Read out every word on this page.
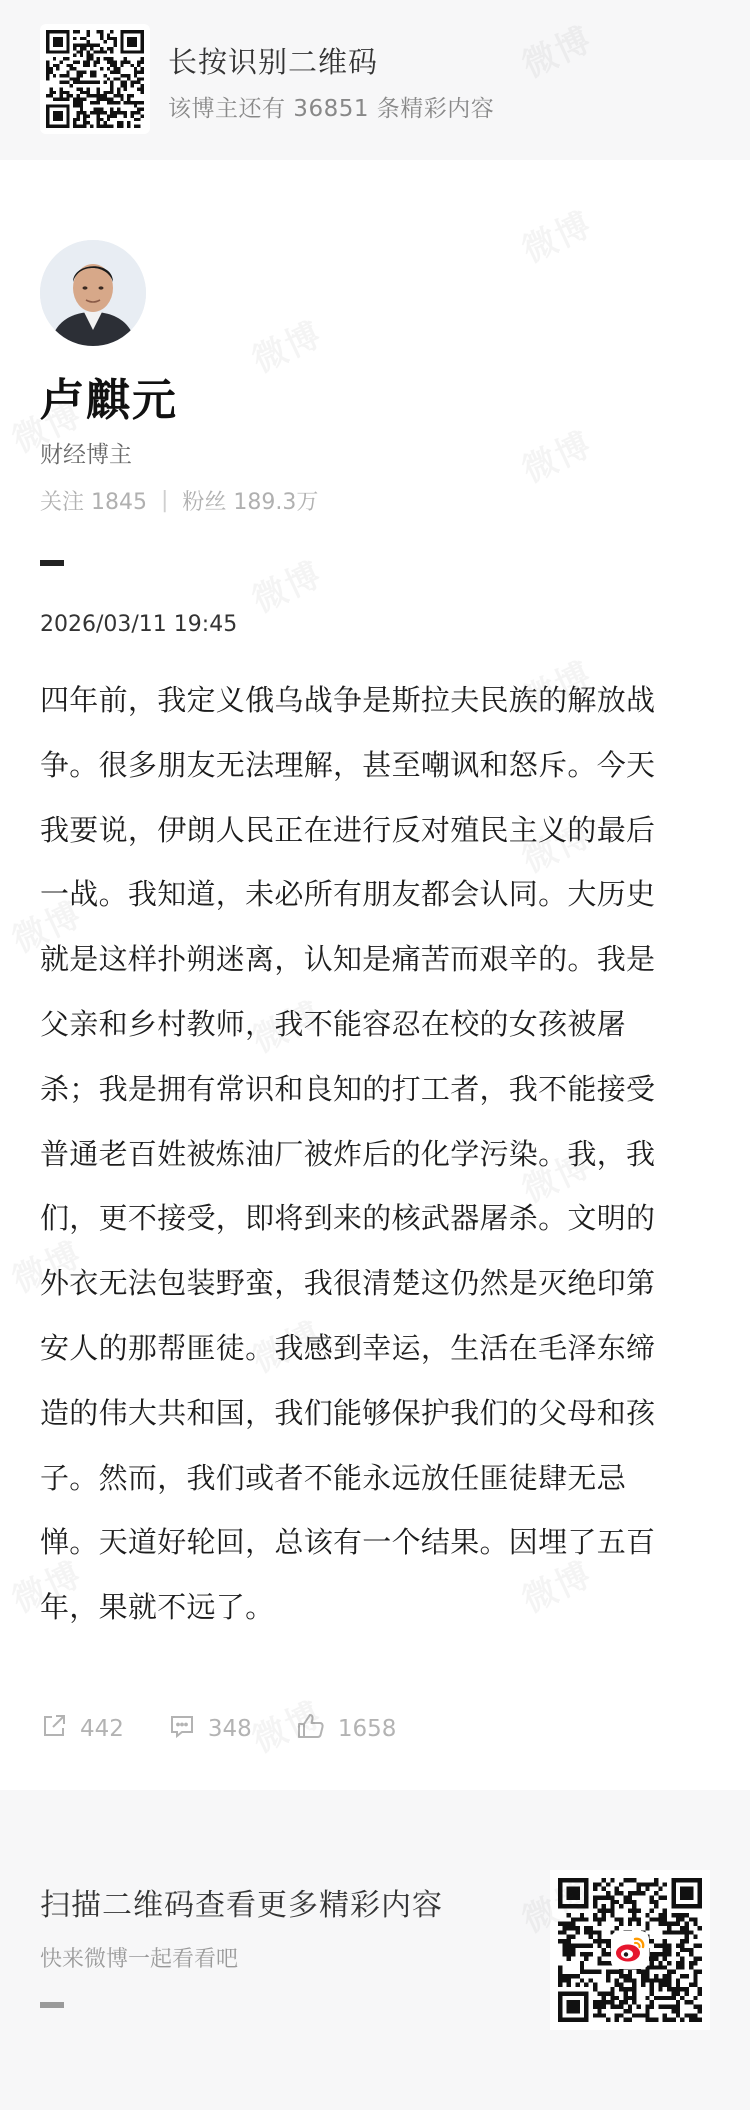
长按识别二维码
该博主还有 36851 条精彩内容
卢麒元
财经博主
关注 1845 | 粉丝 189.3万
2026/03/11 19:45
四年前，我定义俄乌战争是斯拉夫民族的解放战
争。很多朋友无法理解，甚至嘲讽和怒斥。今天
我要说，伊朗人民正在进行反对殖民主义的最后
一战。我知道，未必所有朋友都会认同。大历史
就是这样扑朔迷离，认知是痛苦而艰辛的。我是
父亲和乡村教师，我不能容忍在校的女孩被屠
杀；我是拥有常识和良知的打工者，我不能接受
普通老百姓被炼油厂被炸后的化学污染。我，我
们，更不接受，即将到来的核武器屠杀。文明的
外衣无法包装野蛮，我很清楚这仍然是灭绝印第
安人的那帮匪徒。我感到幸运，生活在毛泽东缔
造的伟大共和国，我们能够保护我们的父母和孩
子。然而，我们或者不能永远放任匪徒肆无忌
惮。天道好轮回，总该有一个结果。因埋了五百
年，果就不远了。
442	348	1658
扫描二维码查看更多精彩内容
快来微博一起看看吧
